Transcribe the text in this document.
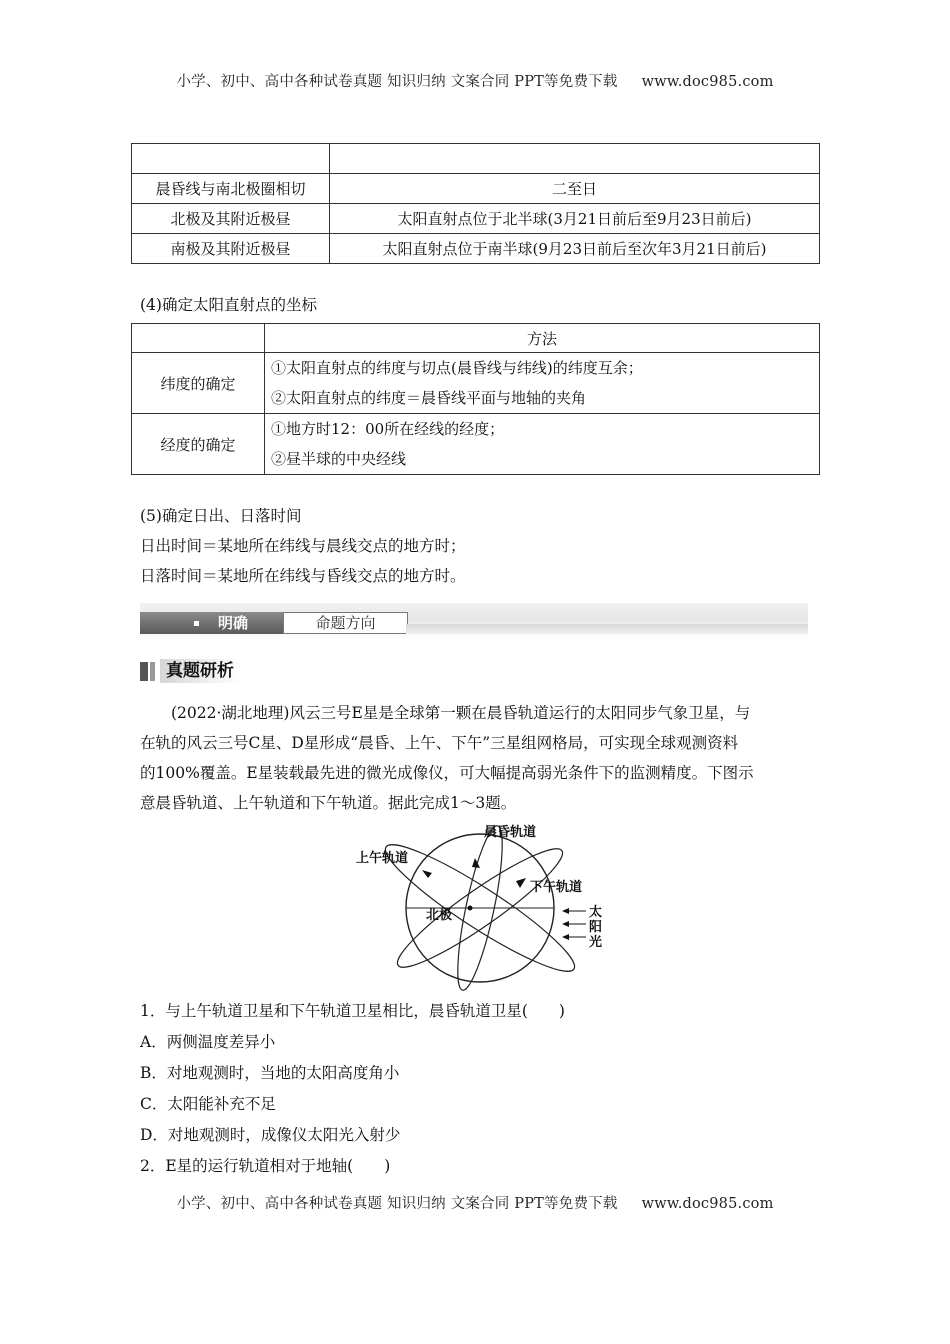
小学、初中、高中各种试卷真题 知识归纳 文案合同 PPT等免费下载 www.doc985.com

晨昏线与南北极圈相切	二至日
北极及其附近极昼	太阳直射点位于北半球(3月21日前后至9月23日前后)
南极及其附近极昼	太阳直射点位于南半球(9月23日前后至次年3月21日前后)
(4)确定太阳直射点的坐标
	方法
纬度的确定	①太阳直射点的纬度与切点(晨昏线与纬线)的纬度互余；
②太阳直射点的纬度＝晨昏线平面与地轴的夹角

经度的确定	①地方时12：00所在经线的经度；
②昼半球的中央经线
(5)确定日出、日落时间
日出时间＝某地所在纬线与晨线交点的地方时；
日落时间＝某地所在纬线与昏线交点的地方时。
明确	命题方向
真题研析
(2022·湖北地理)风云三号E星是全球第一颗在晨昏轨道运行的太阳同步气象卫星，与
在轨的风云三号C星、D星形成“晨昏、上午、下午”三星组网格局，可实现全球观测资料
的100%覆盖。E星装载最先进的微光成像仪，可大幅提高弱光条件下的监测精度。下图示
意晨昏轨道、上午轨道和下午轨道。据此完成1～3题。
晨昏轨道
上午轨道
下午轨道
北极	太
阳
光
1．与上午轨道卫星和下午轨道卫星相比，晨昏轨道卫星(　　)
A．两侧温度差异小
B．对地观测时，当地的太阳高度角小
C．太阳能补充不足
D．对地观测时，成像仪太阳光入射少
2．E星的运行轨道相对于地轴(　　)
小学、初中、高中各种试卷真题 知识归纳 文案合同 PPT等免费下载 www.doc985.com
